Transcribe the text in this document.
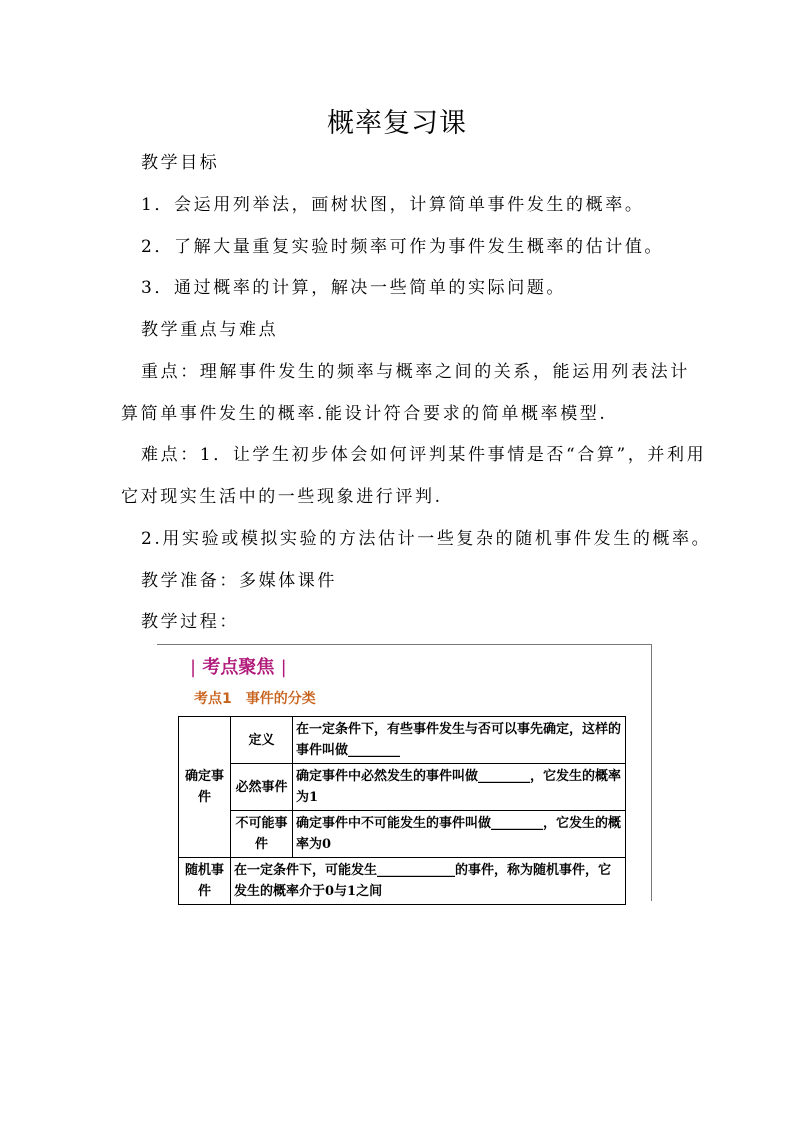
概率复习课
教学目标
1．会运用列举法，画树状图，计算简单事件发生的概率。
2．了解大量重复实验时频率可作为事件发生概率的估计值。
3．通过概率的计算，解决一些简单的实际问题。
教学重点与难点
重点：理解事件发生的频率与概率之间的关系，能运用列表法计
算简单事件发生的概率.能设计符合要求的简单概率模型.
难点：1．让学生初步体会如何评判某件事情是否“合算”，并利用
它对现实生活中的一些现象进行评判.
2.用实验或模拟实验的方法估计一些复杂的随机事件发生的概率。
教学准备：多媒体课件
教学过程：
| 考点聚焦 |
考点1　事件的分类
确定事件	定义	在一定条件下，有些事件发生与否可以事先确定，这样的事件叫做________
	必然事件	确定事件中必然发生的事件叫做________，它发生的概率为1
	不可能事件	确定事件中不可能发生的事件叫做________，它发生的概率为0
随机事件	在一定条件下，可能发生____________的事件，称为随机事件，它发生的概率介于0与1之间	
